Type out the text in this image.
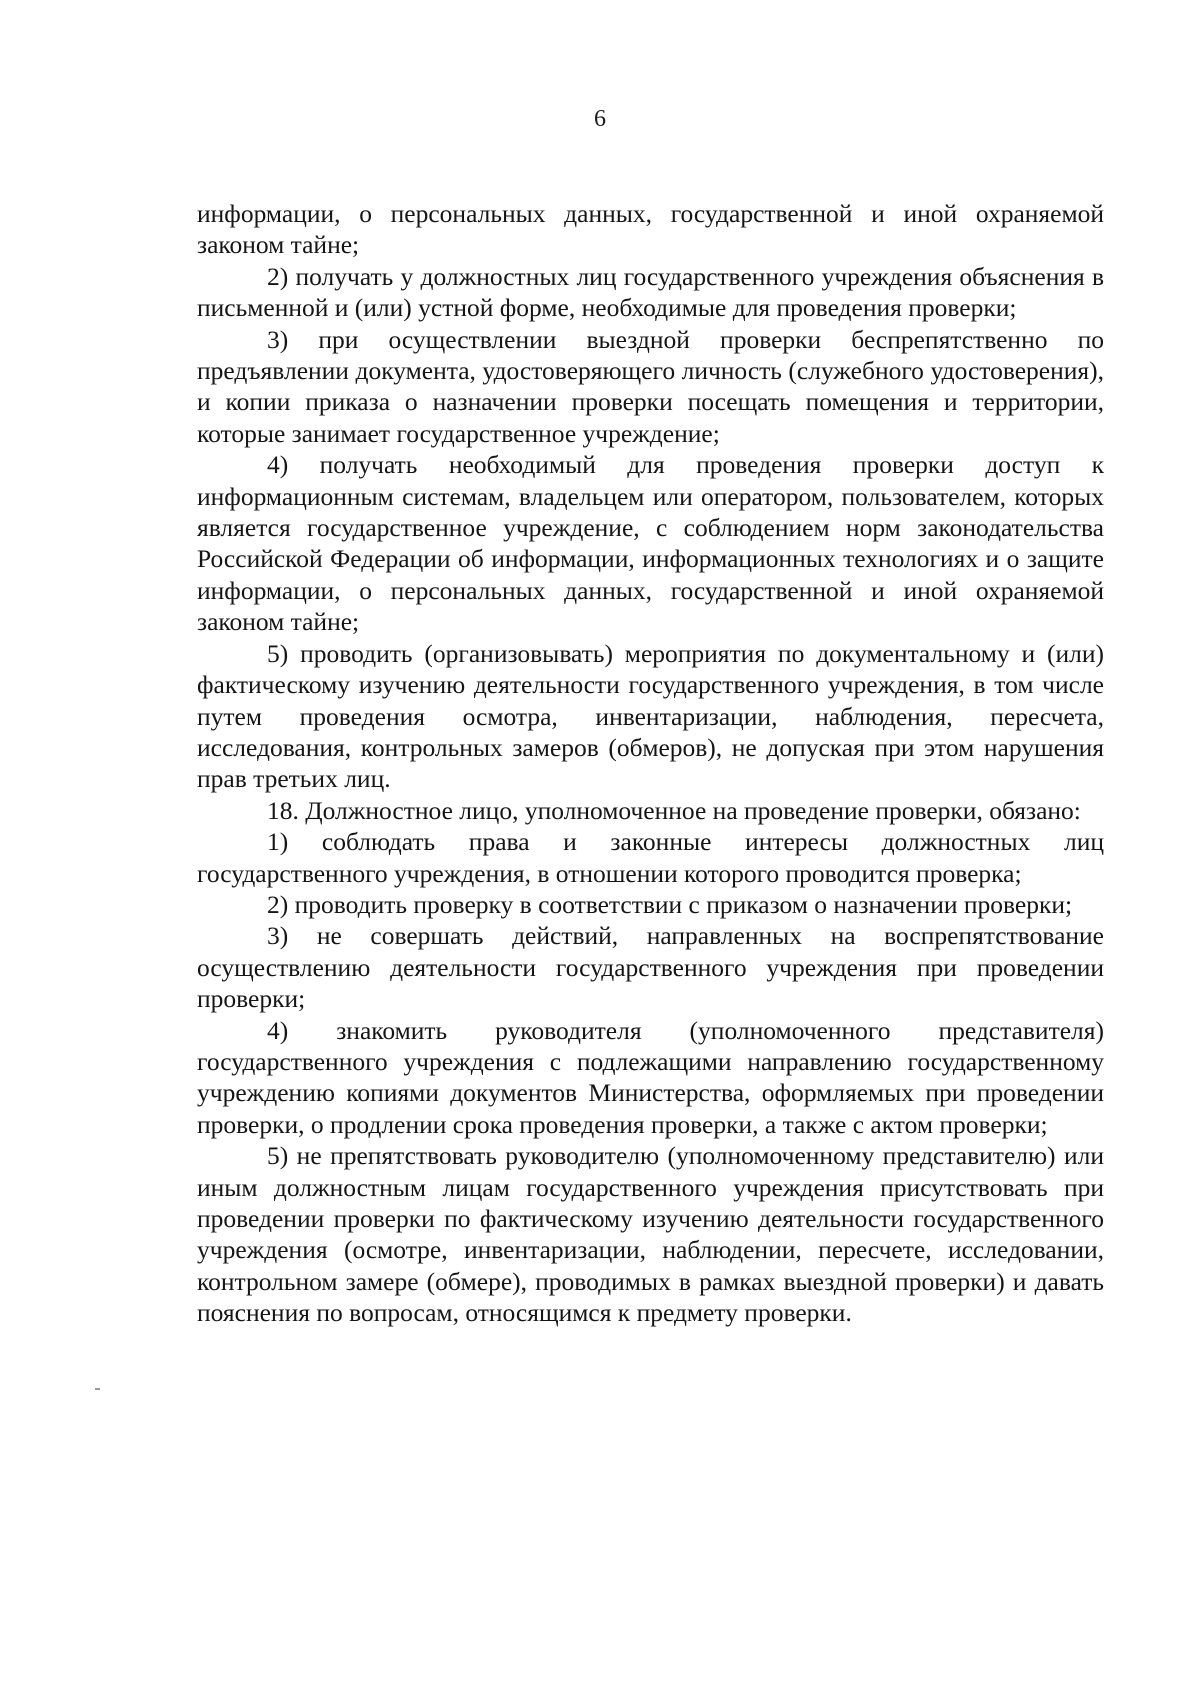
6

информации, о персональных данных, государственной и иной охраняемой законом тайне;

2) получать у должностных лиц государственного учреждения объяснения в письменной и (или) устной форме, необходимые для проведения проверки;

3) при осуществлении выездной проверки беспрепятственно по предъявлении документа, удостоверяющего личность (служебного удостоверения), и копии приказа о назначении проверки посещать помещения и территории, которые занимает государственное учреждение;

4) получать необходимый для проведения проверки доступ к информационным системам, владельцем или оператором, пользователем, которых является государственное учреждение, с соблюдением норм законодательства Российской Федерации об информации, информационных технологиях и о защите информации, о персональных данных, государственной и иной охраняемой законом тайне;

5) проводить (организовывать) мероприятия по документальному и (или) фактическому изучению деятельности государственного учреждения, в том числе путем проведения осмотра, инвентаризации, наблюдения, пересчета, исследования, контрольных замеров (обмеров), не допуская при этом нарушения прав третьих лиц.

18. Должностное лицо, уполномоченное на проведение проверки, обязано:

1) соблюдать права и законные интересы должностных лиц государственного учреждения, в отношении которого проводится проверка;

2) проводить проверку в соответствии с приказом о назначении проверки;

3) не совершать действий, направленных на воспрепятствование осуществлению деятельности государственного учреждения при проведении проверки;

4) знакомить руководителя (уполномоченного представителя) государственного учреждения с подлежащими направлению государственному учреждению копиями документов Министерства, оформляемых при проведении проверки, о продлении срока проведения проверки, а также с актом проверки;

5) не препятствовать руководителю (уполномоченному представителю) или иным должностным лицам государственного учреждения присутствовать при проведении проверки по фактическому изучению деятельности государственного учреждения (осмотре, инвентаризации, наблюдении, пересчете, исследовании, контрольном замере (обмере), проводимых в рамках выездной проверки) и давать пояснения по вопросам, относящимся к предмету проверки.
